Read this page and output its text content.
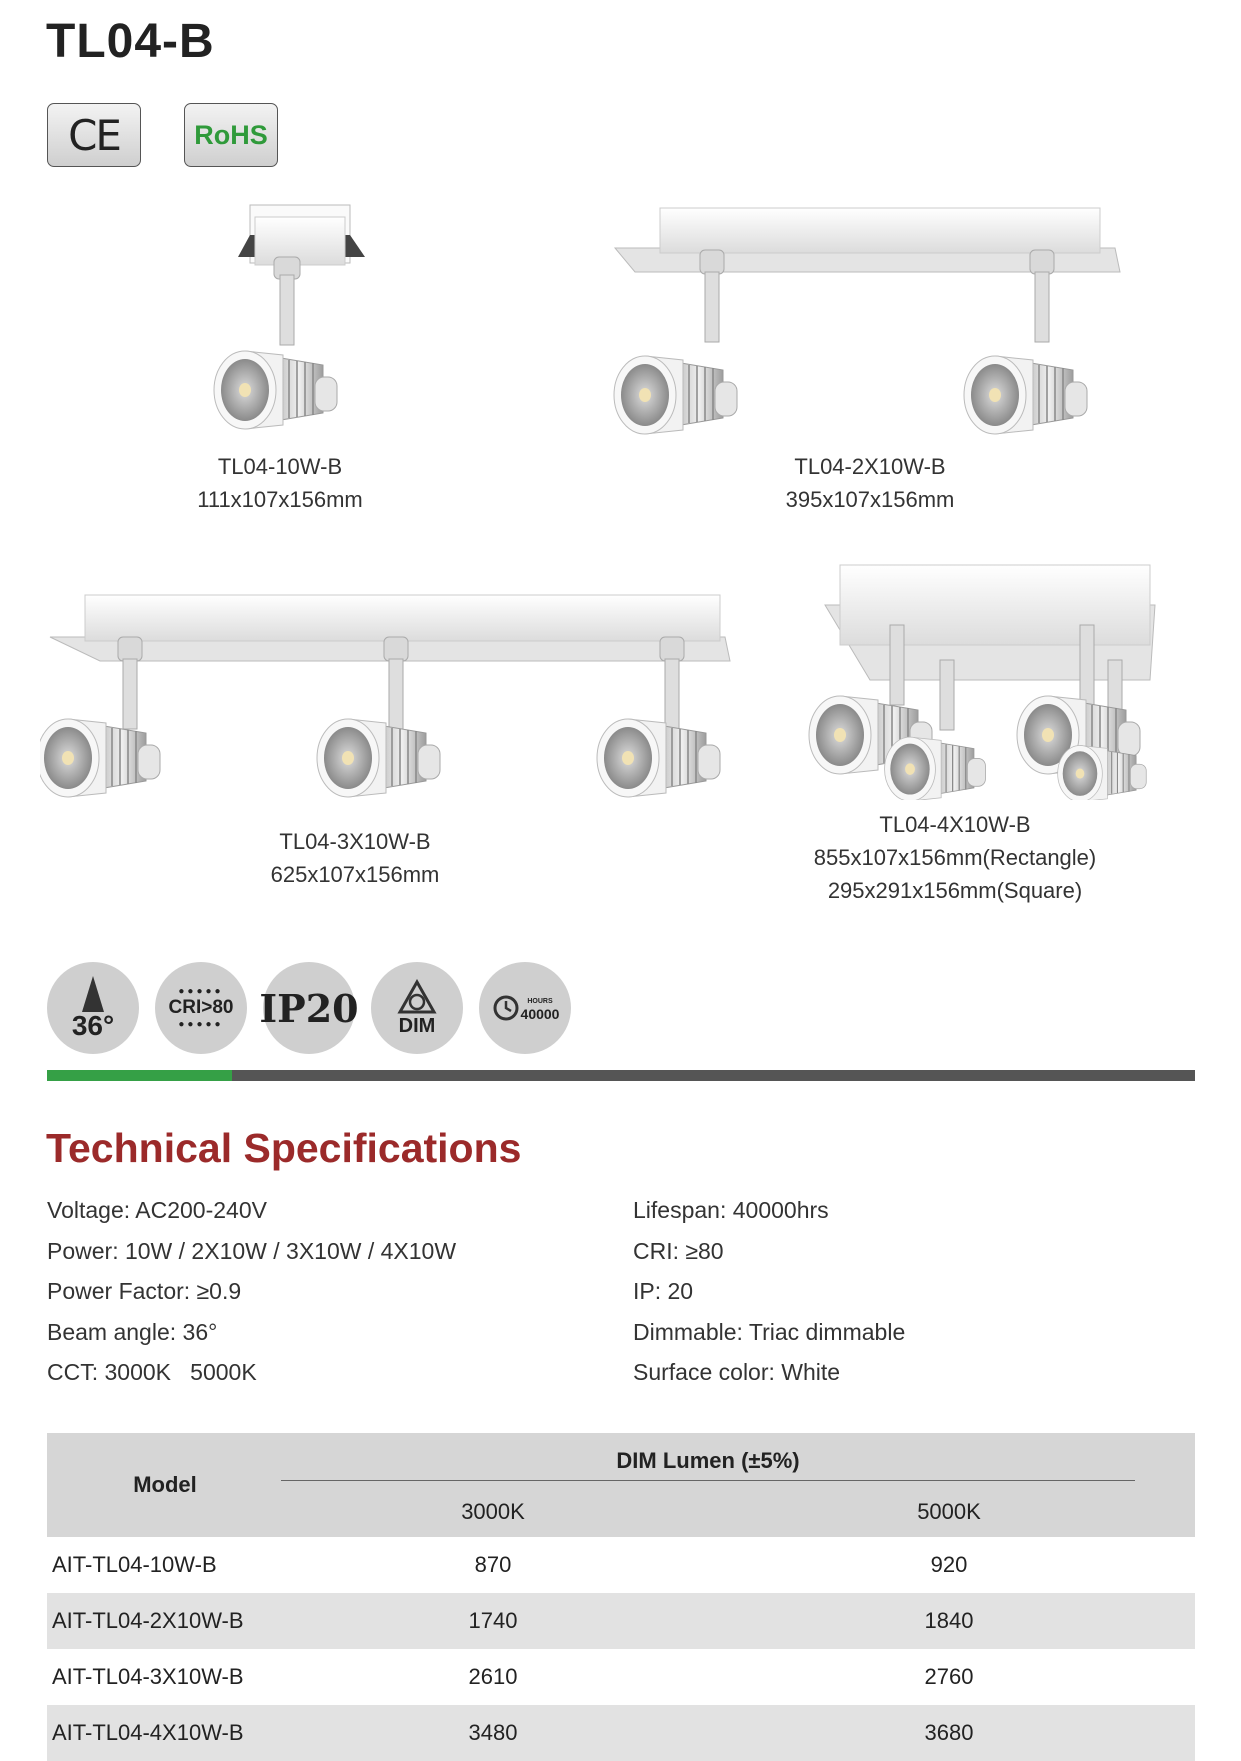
TL04-B
CE	RoHS
TL04-10W-B
111x107x156mm
TL04-2X10W-B
395x107x156mm
TL04-3X10W-B
625x107x156mm
TL04-4X10W-B
855x107x156mm(Rectangle)
295x291x156mm(Square)
36°
●●●●●
CRI>80
●●●●● IP20 DIM
HOURS
40000
Technical Specifications
Voltage: AC200-240V
Power: 10W / 2X10W / 3X10W / 4X10W
Power Factor: ≥0.9
Beam angle: 36°
CCT: 3000K   5000K
Lifespan: 40000hrs
CRI: ≥80
IP: 20
Dimmable: Triac dimmable
Surface color: White
Model	DIM Lumen (±5%)	

	3000K	5000K
AIT-TL04-10W-B	870	920
AIT-TL04-2X10W-B	1740	1840
AIT-TL04-3X10W-B	2610	2760
AIT-TL04-4X10W-B	3480	3680
